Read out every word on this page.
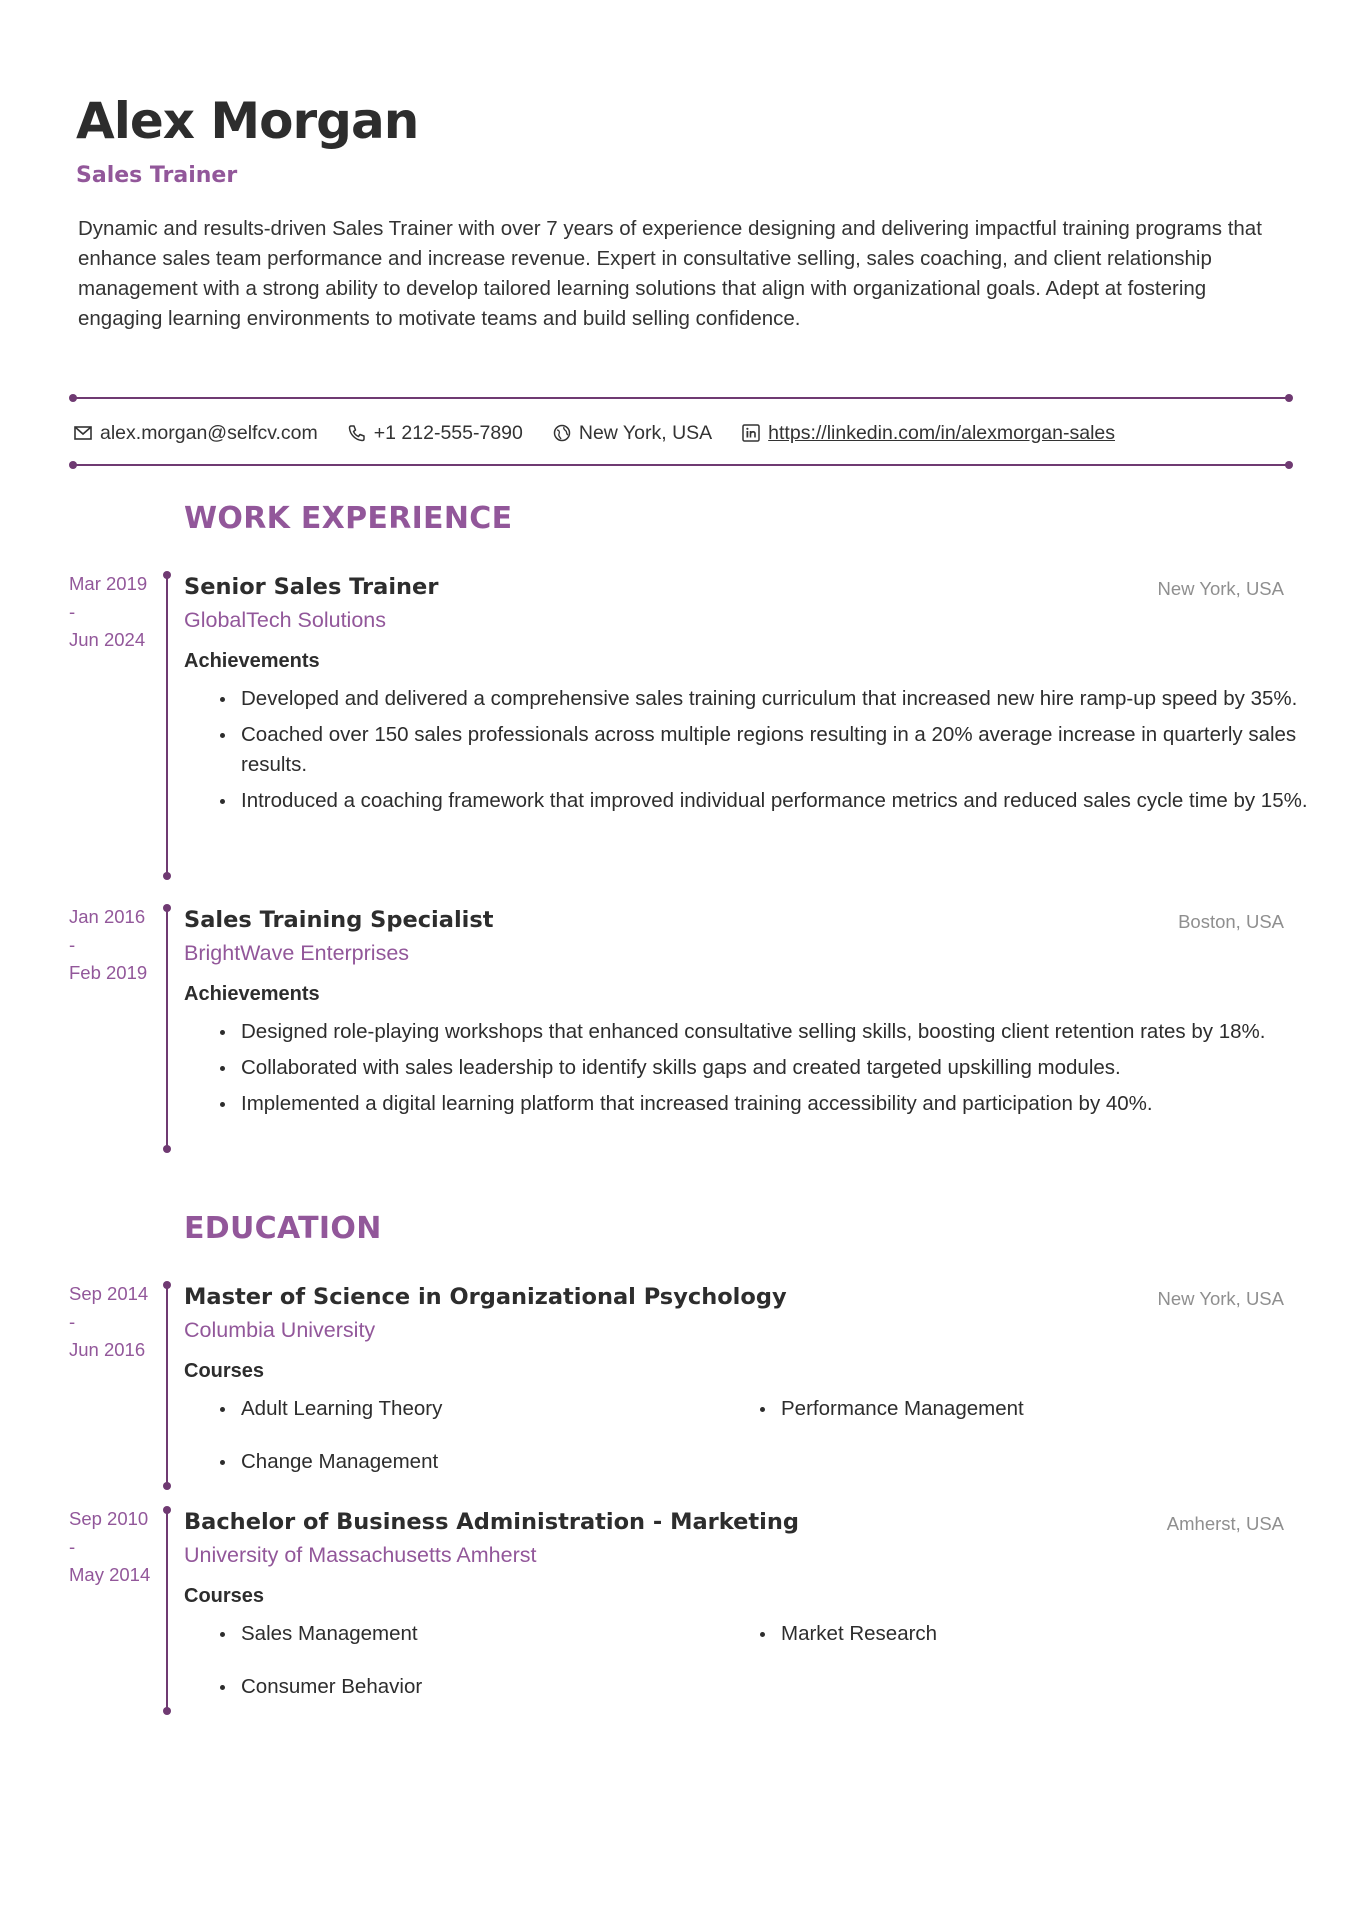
Alex Morgan
Sales Trainer
Dynamic and results-driven Sales Trainer with over 7 years of experience designing and delivering impactful training programs that enhance sales team performance and increase revenue. Expert in consultative selling, sales coaching, and client relationship management with a strong ability to develop tailored learning solutions that align with organizational goals. Adept at fostering engaging learning environments to motivate teams and build selling confidence.
alex.morgan@selfcv.com	+1 212-555-7890	New York, USA	https://linkedin.com/in/alexmorgan-sales
WORK EXPERIENCE
Mar 2019
-
Jun 2024
Senior Sales Trainer	New York, USA
GlobalTech Solutions
Achievements
Developed and delivered a comprehensive sales training curriculum that increased new hire ramp-up speed by 35%.
Coached over 150 sales professionals across multiple regions resulting in a 20% average increase in quarterly sales results.
Introduced a coaching framework that improved individual performance metrics and reduced sales cycle time by 15%.
Jan 2016
-
Feb 2019
Sales Training Specialist	Boston, USA
BrightWave Enterprises
Achievements
Designed role-playing workshops that enhanced consultative selling skills, boosting client retention rates by 18%.
Collaborated with sales leadership to identify skills gaps and created targeted upskilling modules.
Implemented a digital learning platform that increased training accessibility and participation by 40%.
EDUCATION
Sep 2014
-
Jun 2016
Master of Science in Organizational Psychology	New York, USA
Columbia University
Courses
Adult Learning Theory	Performance Management
Change Management
Sep 2010
-
May 2014
Bachelor of Business Administration - Marketing	Amherst, USA
University of Massachusetts Amherst
Courses
Sales Management	Market Research
Consumer Behavior
